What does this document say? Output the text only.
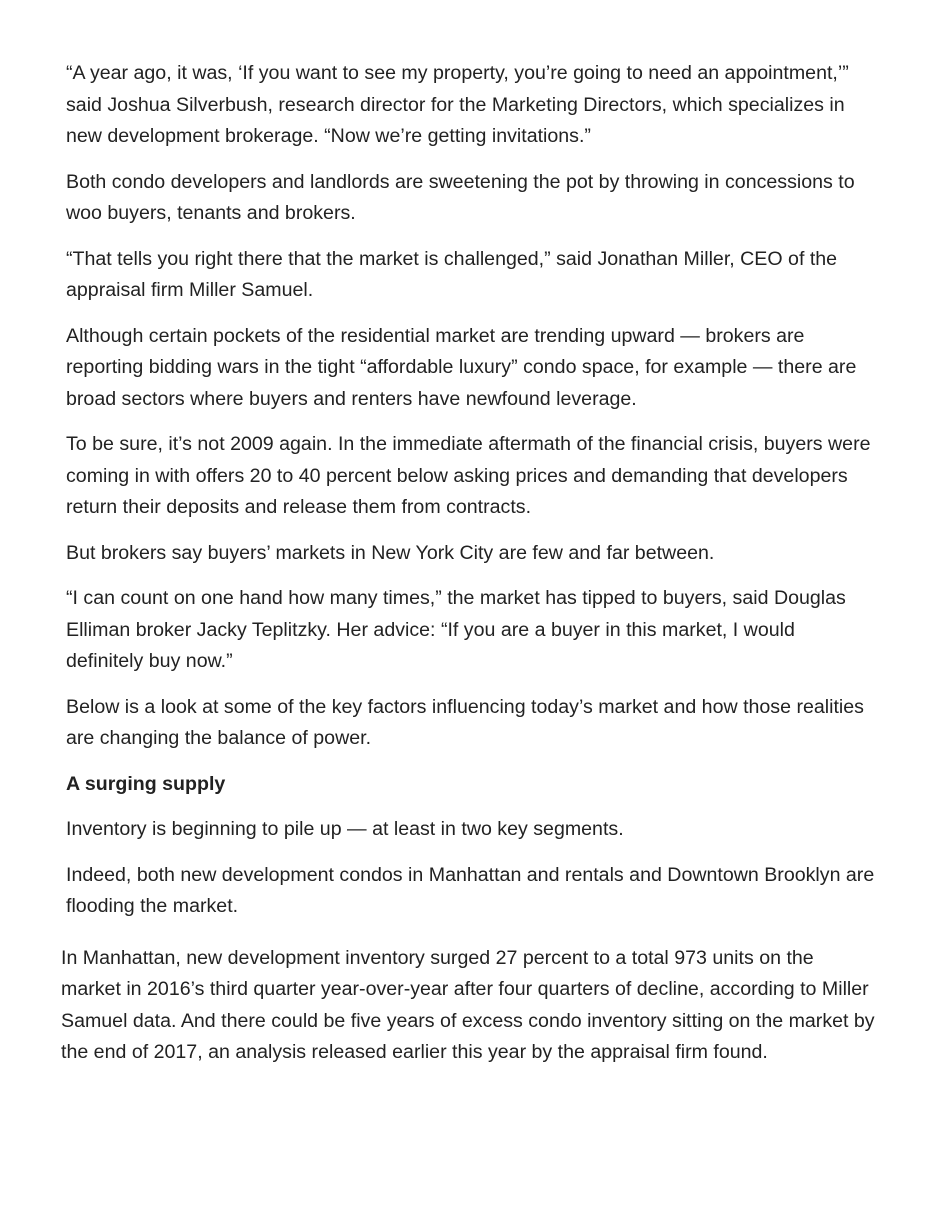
“A year ago, it was, ‘If you want to see my property, you’re going to need an appointment,’” said Joshua Silverbush, research director for the Marketing Directors, which specializes in new development brokerage. “Now we’re getting invitations.”

Both condo developers and landlords are sweetening the pot by throwing in concessions to woo buyers, tenants and brokers.

“That tells you right there that the market is challenged,” said Jonathan Miller, CEO of the appraisal firm Miller Samuel.

Although certain pockets of the residential market are trending upward — brokers are reporting bidding wars in the tight “affordable luxury” condo space, for example — there are broad sectors where buyers and renters have newfound leverage.

To be sure, it’s not 2009 again. In the immediate aftermath of the financial crisis, buyers were coming in with offers 20 to 40 percent below asking prices and demanding that developers return their deposits and release them from contracts.

But brokers say buyers’ markets in New York City are few and far between.

“I can count on one hand how many times,” the market has tipped to buyers, said Douglas Elliman broker Jacky Teplitzky. Her advice: “If you are a buyer in this market, I would definitely buy now.”

Below is a look at some of the key factors influencing today’s market and how those realities are changing the balance of power.

A surging supply

Inventory is beginning to pile up — at least in two key segments.

Indeed, both new development condos in Manhattan and rentals and Downtown Brooklyn are flooding the market.

In Manhattan, new development inventory surged 27 percent to a total 973 units on the market in 2016’s third quarter year-over-year after four quarters of decline, according to Miller Samuel data. And there could be five years of excess condo inventory sitting on the market by the end of 2017, an analysis released earlier this year by the appraisal firm found.
